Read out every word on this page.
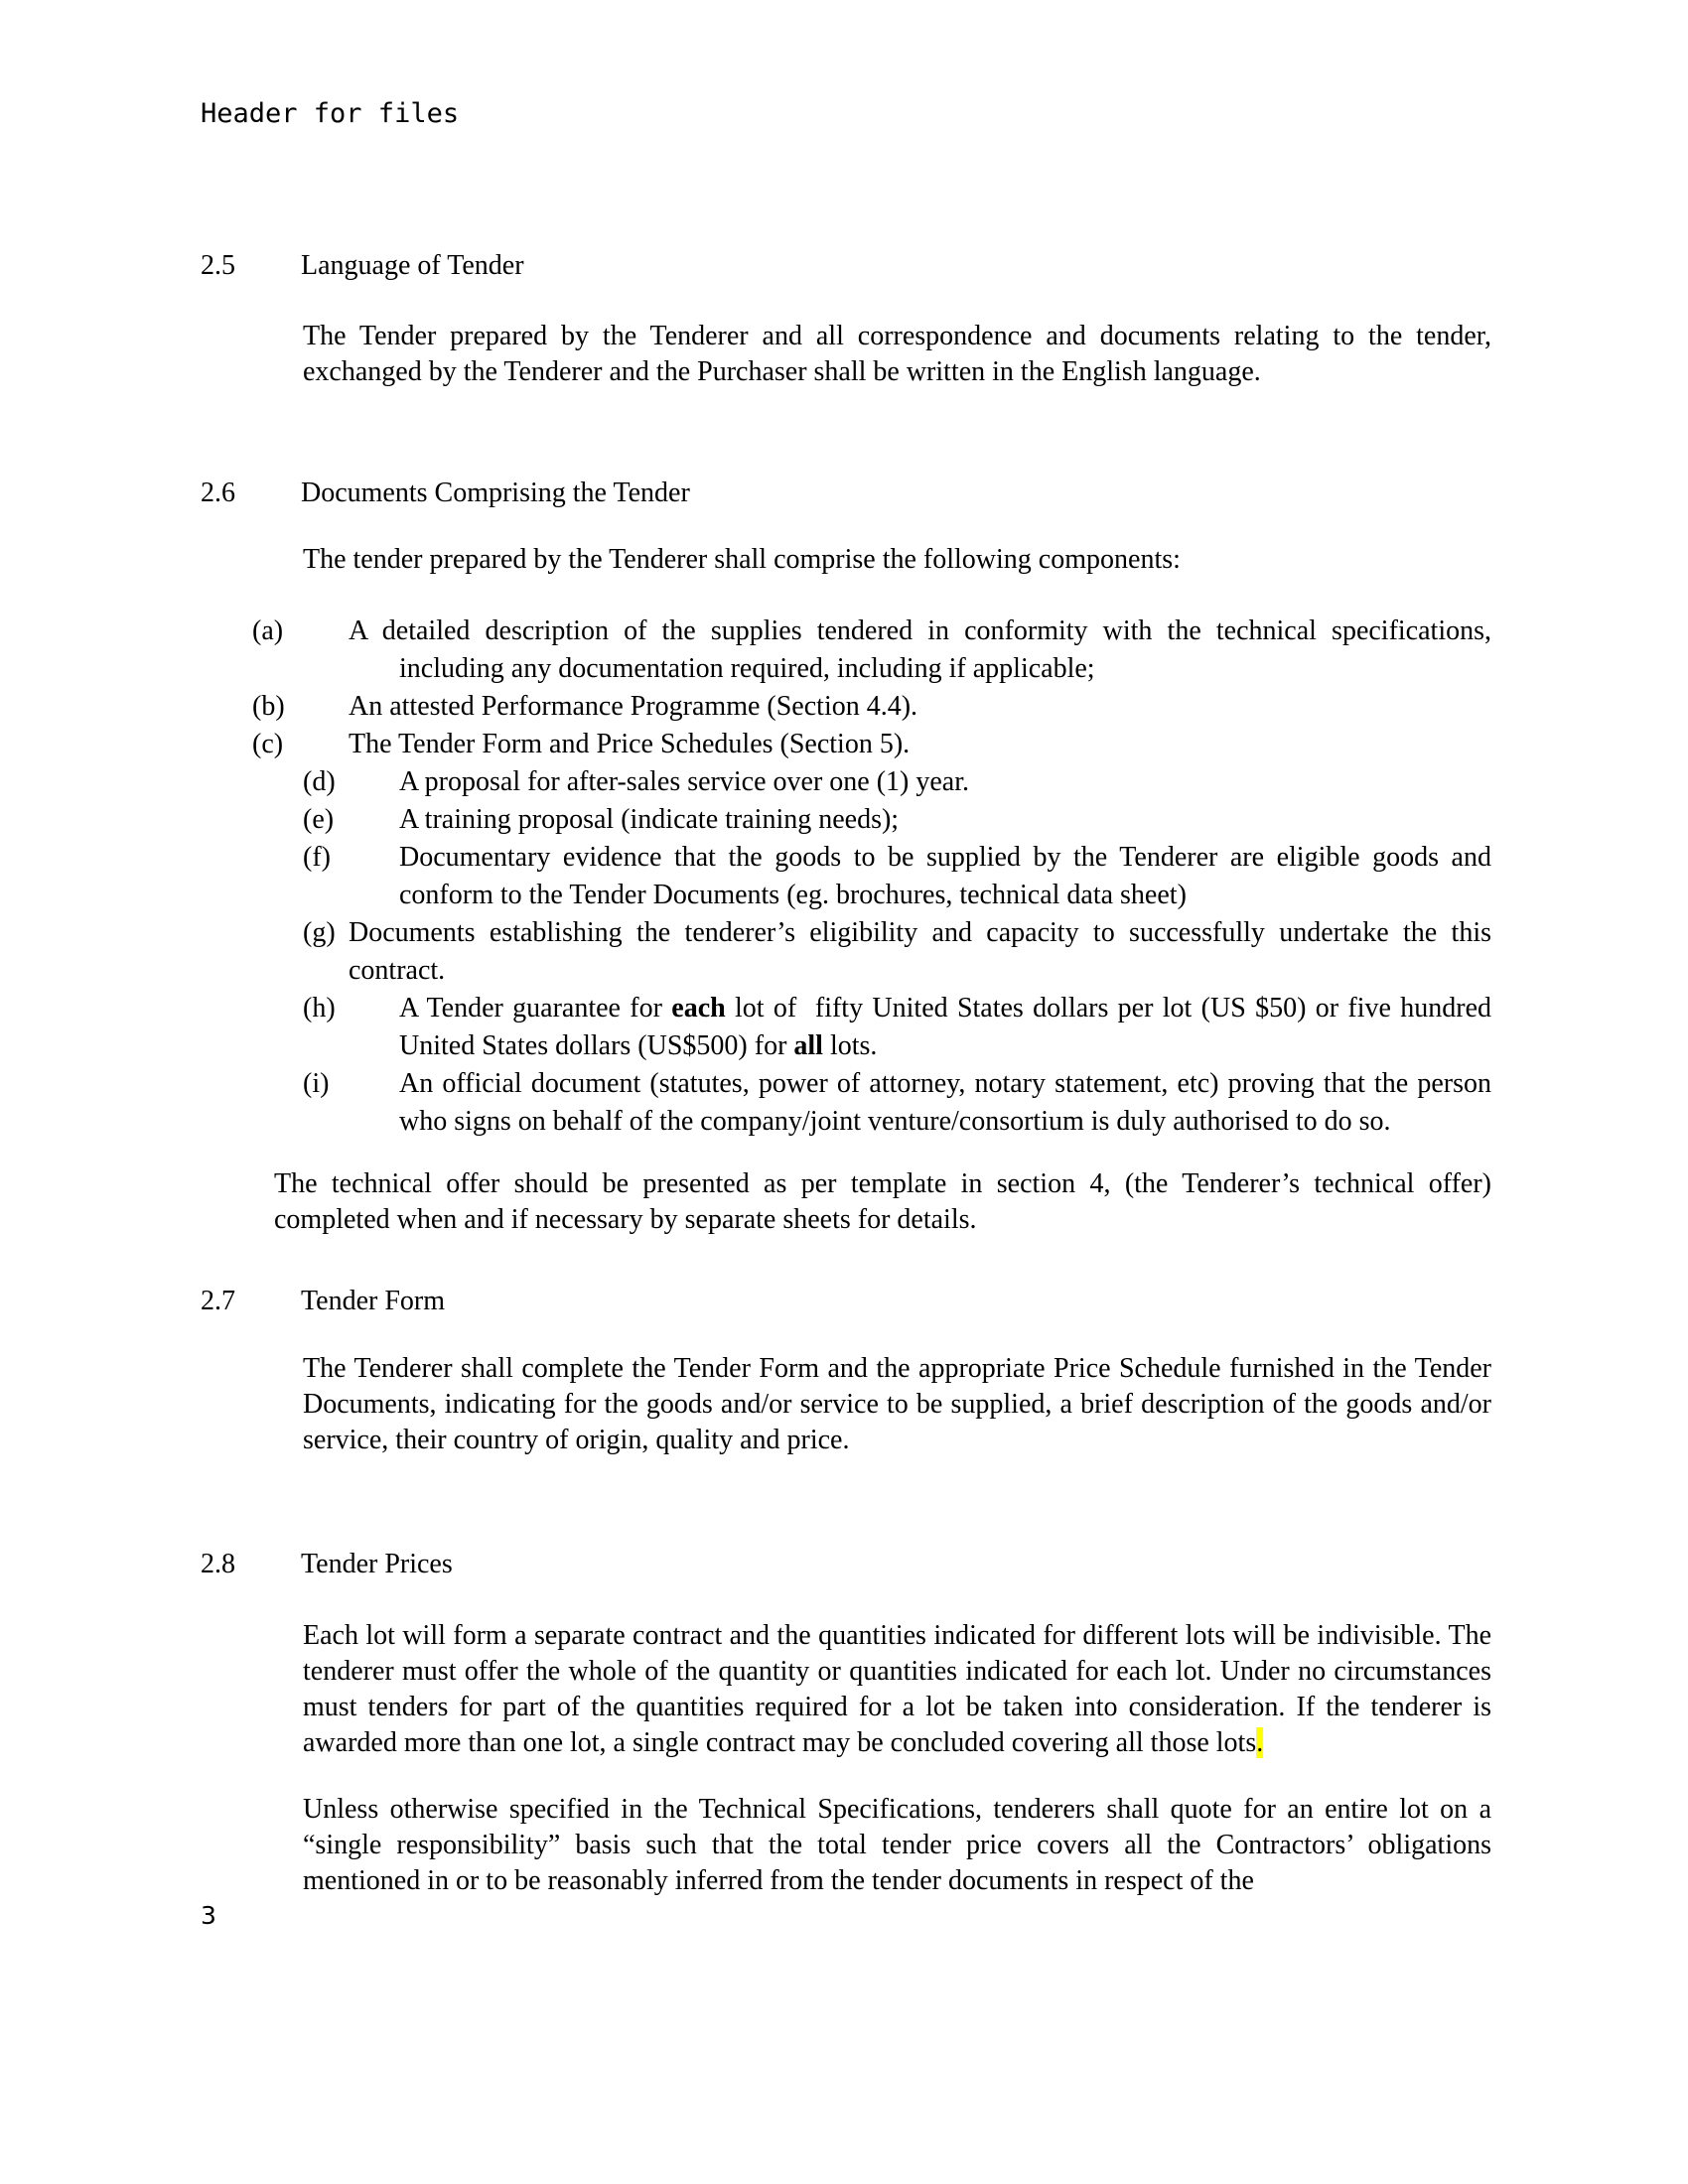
Header for files
2.5	Language of Tender

The Tender prepared by the Tenderer and all correspondence and documents relating to the tender, exchanged by the Tenderer and the Purchaser shall be written in the English language.

2.6	Documents Comprising the Tender

The tender prepared by the Tenderer shall comprise the following components:

(a)	A detailed description of the supplies tendered in conformity with the technical specifications, including any documentation required, including if applicable;
(b)	An attested Performance Programme (Section 4.4).
(c)	The Tender Form and Price Schedules (Section 5).
(d) A proposal for after-sales service over one (1) year.
(e) A training proposal (indicate training needs);
(f) Documentary evidence that the goods to be supplied by the Tenderer are eligible goods and conform to the Tender Documents (eg. brochures, technical data sheet)
(g) Documents establishing the tenderer’s eligibility and capacity to successfully undertake the this contract.
(h) A Tender guarantee for each lot of  fifty United States dollars per lot (US $50) or five hundred United States dollars (US$500) for all lots.
(i)	An official document (statutes, power of attorney, notary statement, etc) proving that the person who signs on behalf of the company/joint venture/consortium is duly authorised to do so.

The technical offer should be presented as per template in section 4, (the Tenderer’s technical offer) completed when and if necessary by separate sheets for details.

2.7	Tender Form

The Tenderer shall complete the Tender Form and the appropriate Price Schedule furnished in the Tender Documents, indicating for the goods and/or service to be supplied, a brief description of the goods and/or service, their country of origin, quality and price.

2.8	Tender Prices

Each lot will form a separate contract and the quantities indicated for different lots will be indivisible. The tenderer must offer the whole of the quantity or quantities indicated for each lot. Under no circumstances must tenders for part of the quantities required for a lot be taken into consideration. If the tenderer is awarded more than one lot, a single contract may be concluded covering all those lots.

Unless otherwise specified in the Technical Specifications, tenderers shall quote for an entire lot on a “single responsibility” basis such that the total tender price covers all the Contractors’ obligations mentioned in or to be reasonably inferred from the tender documents in respect of the

3
